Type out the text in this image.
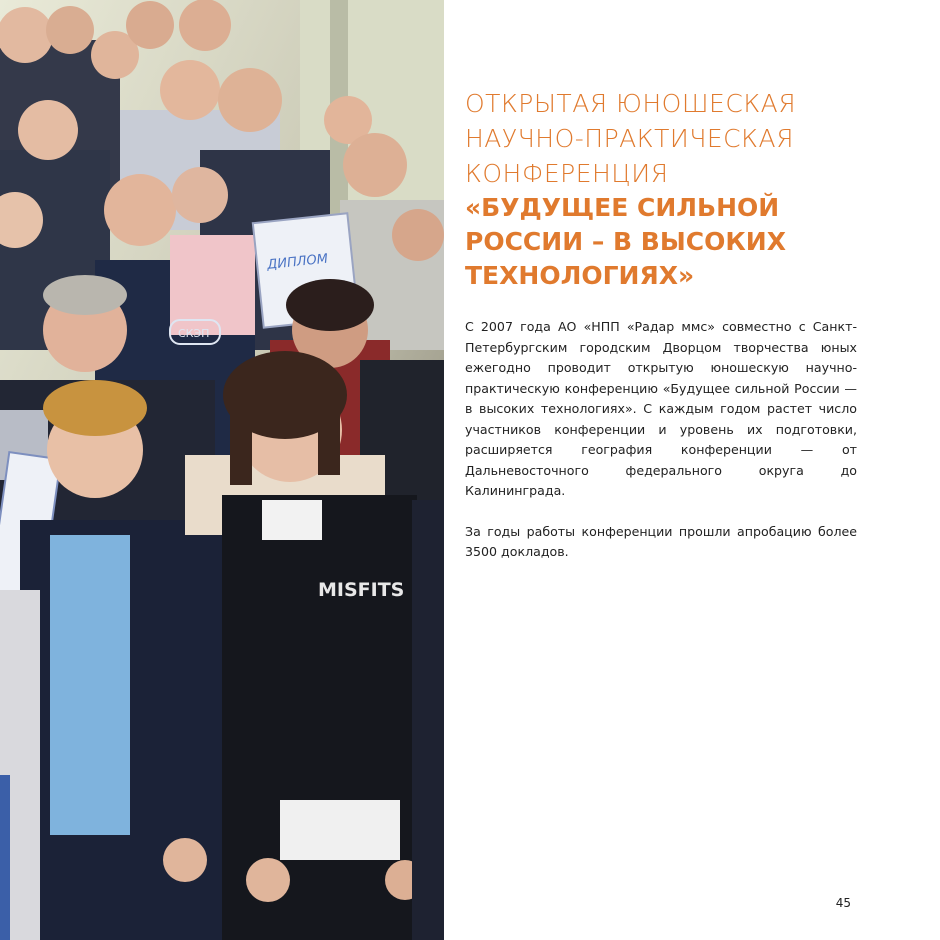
ДИПЛОМ
СКЭП
MISFITS

ОТКРЫТАЯ ЮНОШЕСКАЯ

НАУЧНО-ПРАКТИЧЕСКАЯ

КОНФЕРЕНЦИЯ

«БУДУЩЕЕ СИЛЬНОЙ

РОССИИ – В ВЫСОКИХ

ТЕХНОЛОГИЯХ»

С 2007 года АО «НПП «Радар ммс» совместно с Санкт-Петербургским городским Дворцом творчества юных ежегодно проводит открытую юношескую научно-практическую конференцию «Будущее сильной России — в высоких технологиях». С каждым годом растет число участников конференции и уровень их подготовки, расширяется география конференции — от Дальневосточного федерального округа до Калининграда.

За годы работы конференции прошли апробацию более 3500 докладов.

45
